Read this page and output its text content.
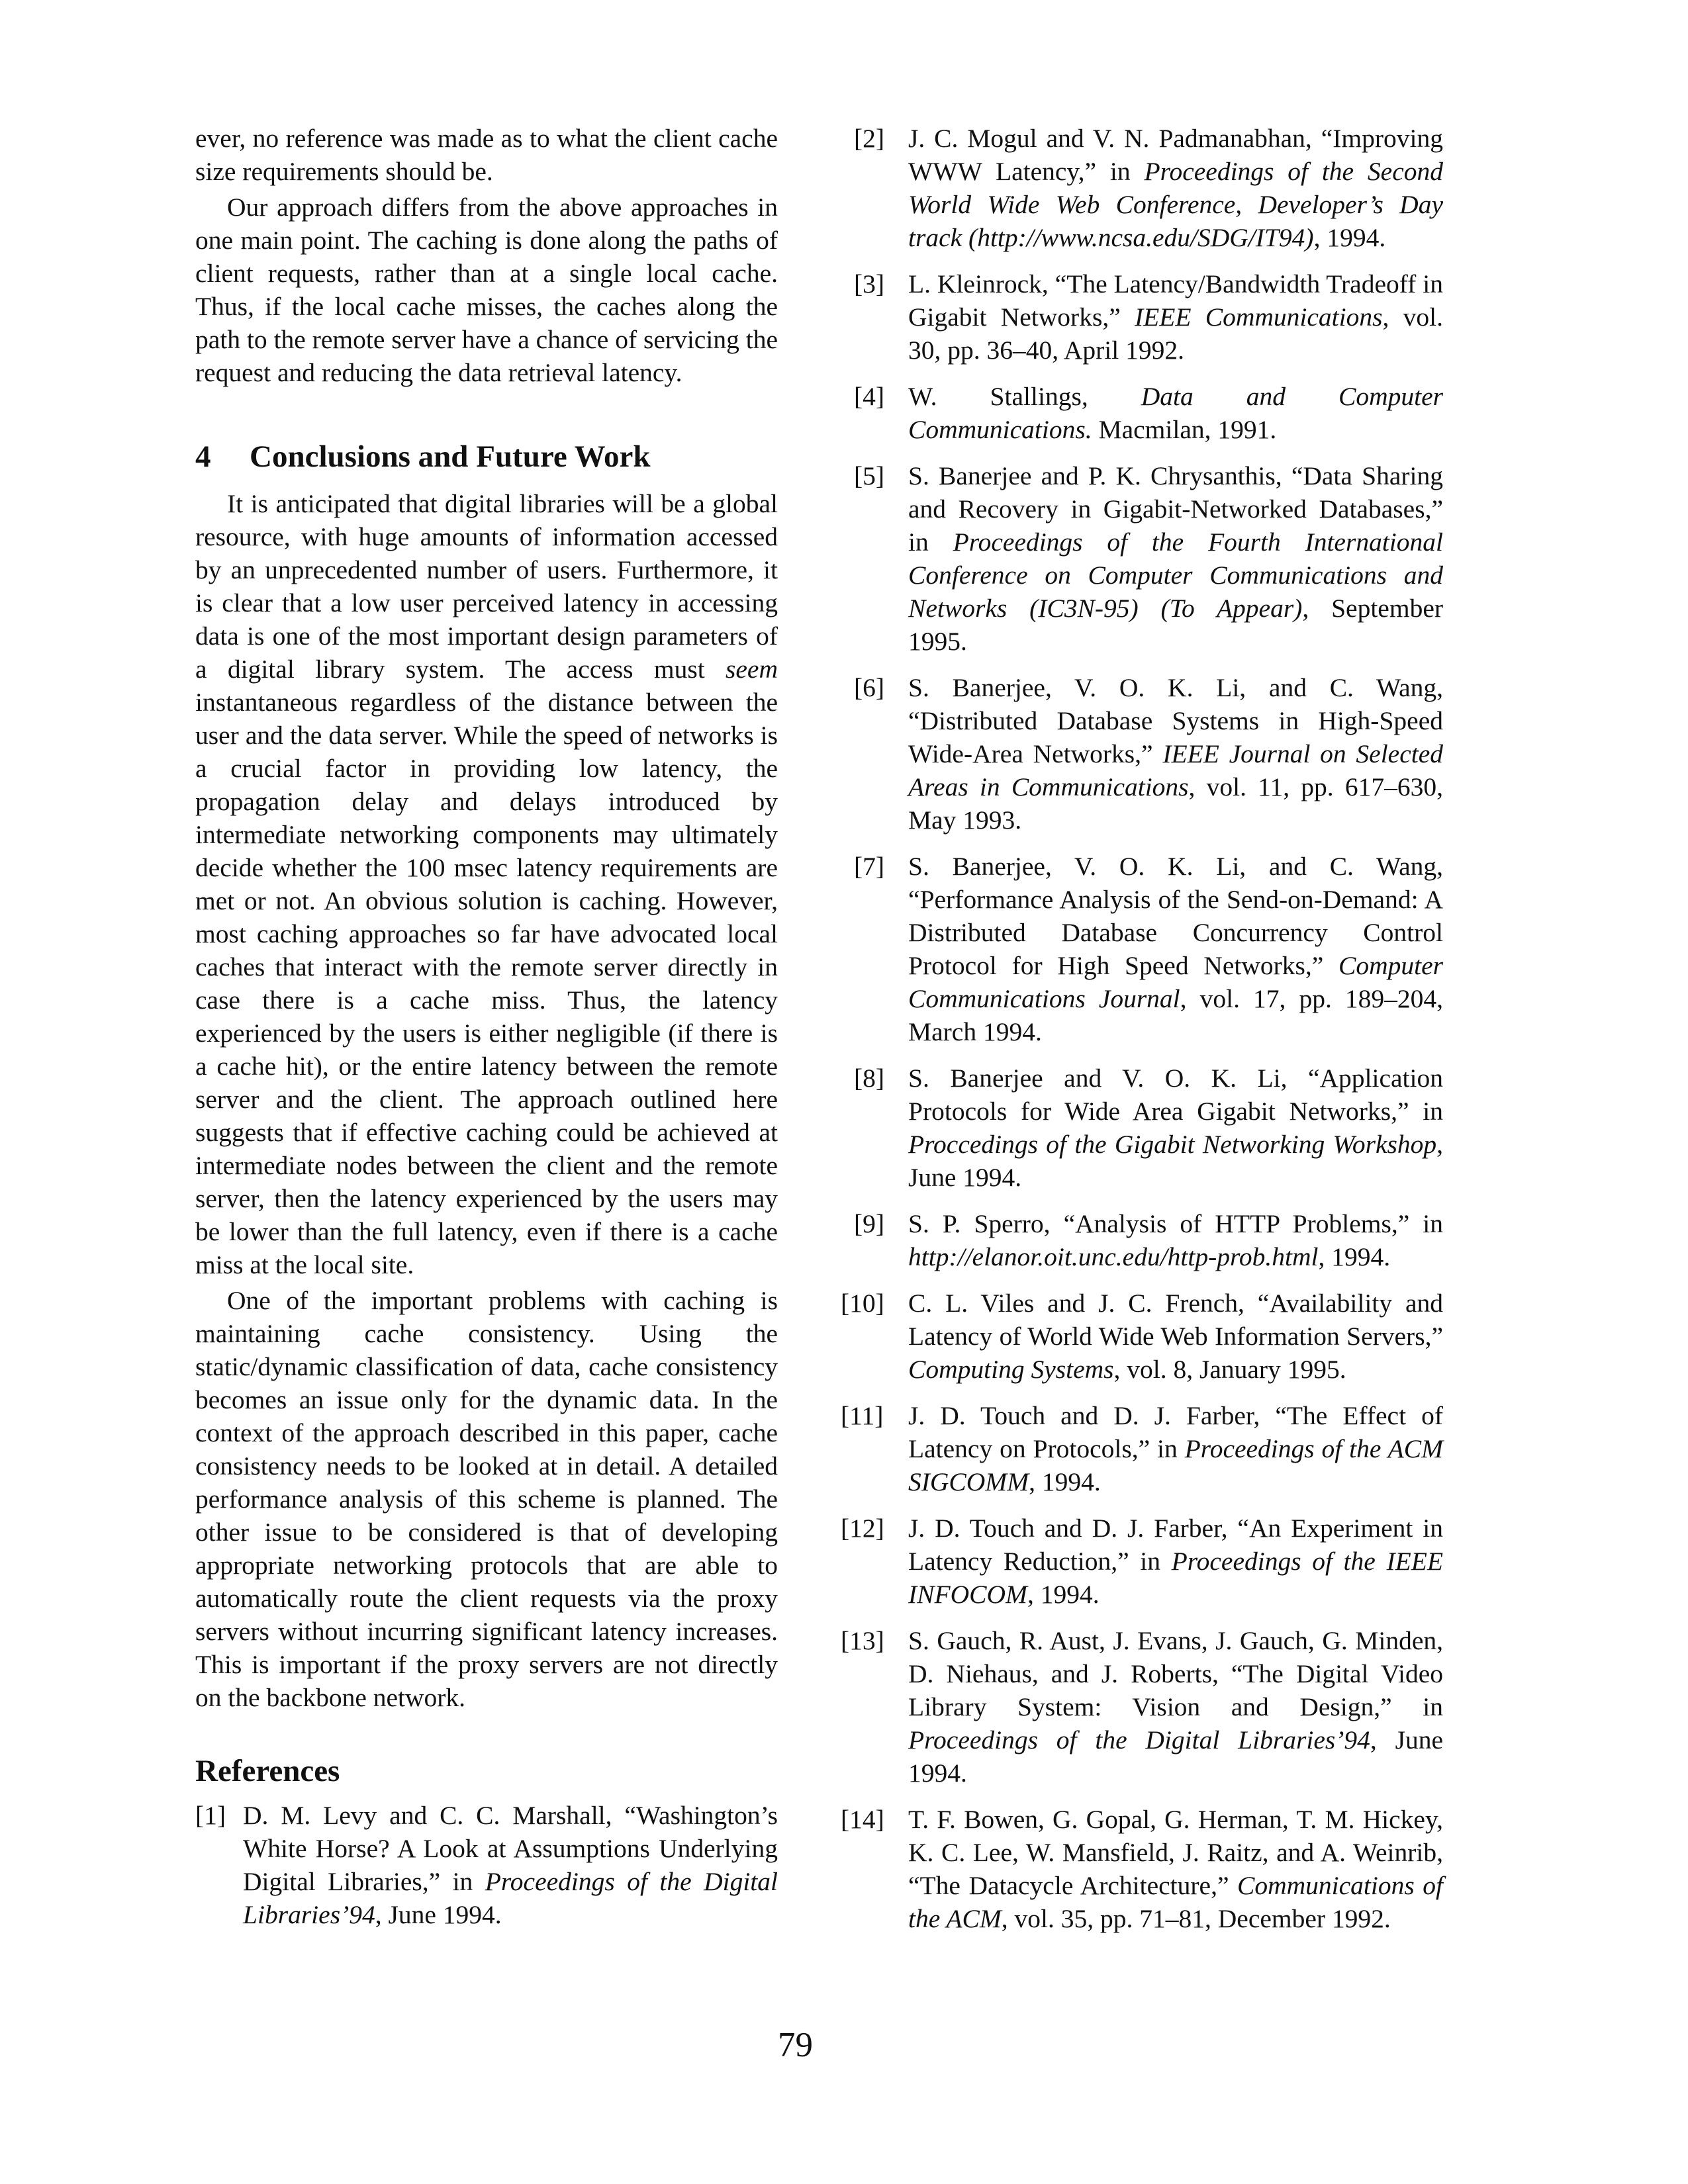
ever, no reference was made as to what the client cache size requirements should be.

Our approach differs from the above approaches in one main point. The caching is done along the paths of client requests, rather than at a single local cache. Thus, if the local cache misses, the caches along the path to the remote server have a chance of servicing the request and reducing the data retrieval latency.

4 Conclusions and Future Work

It is anticipated that digital libraries will be a global resource, with huge amounts of information accessed by an unprecedented number of users. Furthermore, it is clear that a low user perceived latency in accessing data is one of the most important design parameters of a digital library system. The access must seem instantaneous regardless of the distance between the user and the data server. While the speed of networks is a crucial factor in providing low latency, the propagation delay and delays introduced by intermediate networking components may ultimately decide whether the 100 msec latency requirements are met or not. An obvious solution is caching. However, most caching approaches so far have advocated local caches that interact with the remote server directly in case there is a cache miss. Thus, the latency experienced by the users is either negligible (if there is a cache hit), or the entire latency between the remote server and the client. The approach outlined here suggests that if effective caching could be achieved at intermediate nodes between the client and the remote server, then the latency experienced by the users may be lower than the full latency, even if there is a cache miss at the local site.

One of the important problems with caching is maintaining cache consistency. Using the static/dynamic classification of data, cache consistency becomes an issue only for the dynamic data. In the context of the approach described in this paper, cache consistency needs to be looked at in detail. A detailed performance analysis of this scheme is planned. The other issue to be considered is that of developing appropriate networking protocols that are able to automatically route the client requests via the proxy servers without incurring significant latency increases. This is important if the proxy servers are not directly on the backbone network.

References
[1] D. M. Levy and C. C. Marshall, “Washington’s White Horse? A Look at Assumptions Underlying Digital Libraries,” in Proceedings of the Digital Libraries’94, June 1994.
[2] J. C. Mogul and V. N. Padmanabhan, “Improving WWW Latency,” in Proceedings of the Second World Wide Web Conference, Developer’s Day track (http://www.ncsa.edu/SDG/IT94), 1994.
[3] L. Kleinrock, “The Latency/Bandwidth Tradeoff in Gigabit Networks,” IEEE Communications, vol. 30, pp. 36–40, April 1992.
[4] W. Stallings, Data and Computer Communications. Macmilan, 1991.
[5] S. Banerjee and P. K. Chrysanthis, “Data Sharing and Recovery in Gigabit-Networked Databases,” in Proceedings of the Fourth International Conference on Computer Communications and Networks (IC3N-95) (To Appear), September 1995.
[6] S. Banerjee, V. O. K. Li, and C. Wang, “Distributed Database Systems in High-Speed Wide-Area Networks,” IEEE Journal on Selected Areas in Communications, vol. 11, pp. 617–630, May 1993.
[7] S. Banerjee, V. O. K. Li, and C. Wang, “Performance Analysis of the Send-on-Demand: A Distributed Database Concurrency Control Protocol for High Speed Networks,” Computer Communications Journal, vol. 17, pp. 189–204, March 1994.
[8] S. Banerjee and V. O. K. Li, “Application Protocols for Wide Area Gigabit Networks,” in Proccedings of the Gigabit Networking Workshop, June 1994.
[9] S. P. Sperro, “Analysis of HTTP Problems,” in http://elanor.oit.unc.edu/http-prob.html, 1994.
[10] C. L. Viles and J. C. French, “Availability and Latency of World Wide Web Information Servers,” Computing Systems, vol. 8, January 1995.
[11] J. D. Touch and D. J. Farber, “The Effect of Latency on Protocols,” in Proceedings of the ACM SIGCOMM, 1994.
[12] J. D. Touch and D. J. Farber, “An Experiment in Latency Reduction,” in Proceedings of the IEEE INFOCOM, 1994.
[13] S. Gauch, R. Aust, J. Evans, J. Gauch, G. Minden, D. Niehaus, and J. Roberts, “The Digital Video Library System: Vision and Design,” in Proceedings of the Digital Libraries’94, June 1994.
[14] T. F. Bowen, G. Gopal, G. Herman, T. M. Hickey, K. C. Lee, W. Mansfield, J. Raitz, and A. Weinrib, “The Datacycle Architecture,” Communications of the ACM, vol. 35, pp. 71–81, December 1992.
79
